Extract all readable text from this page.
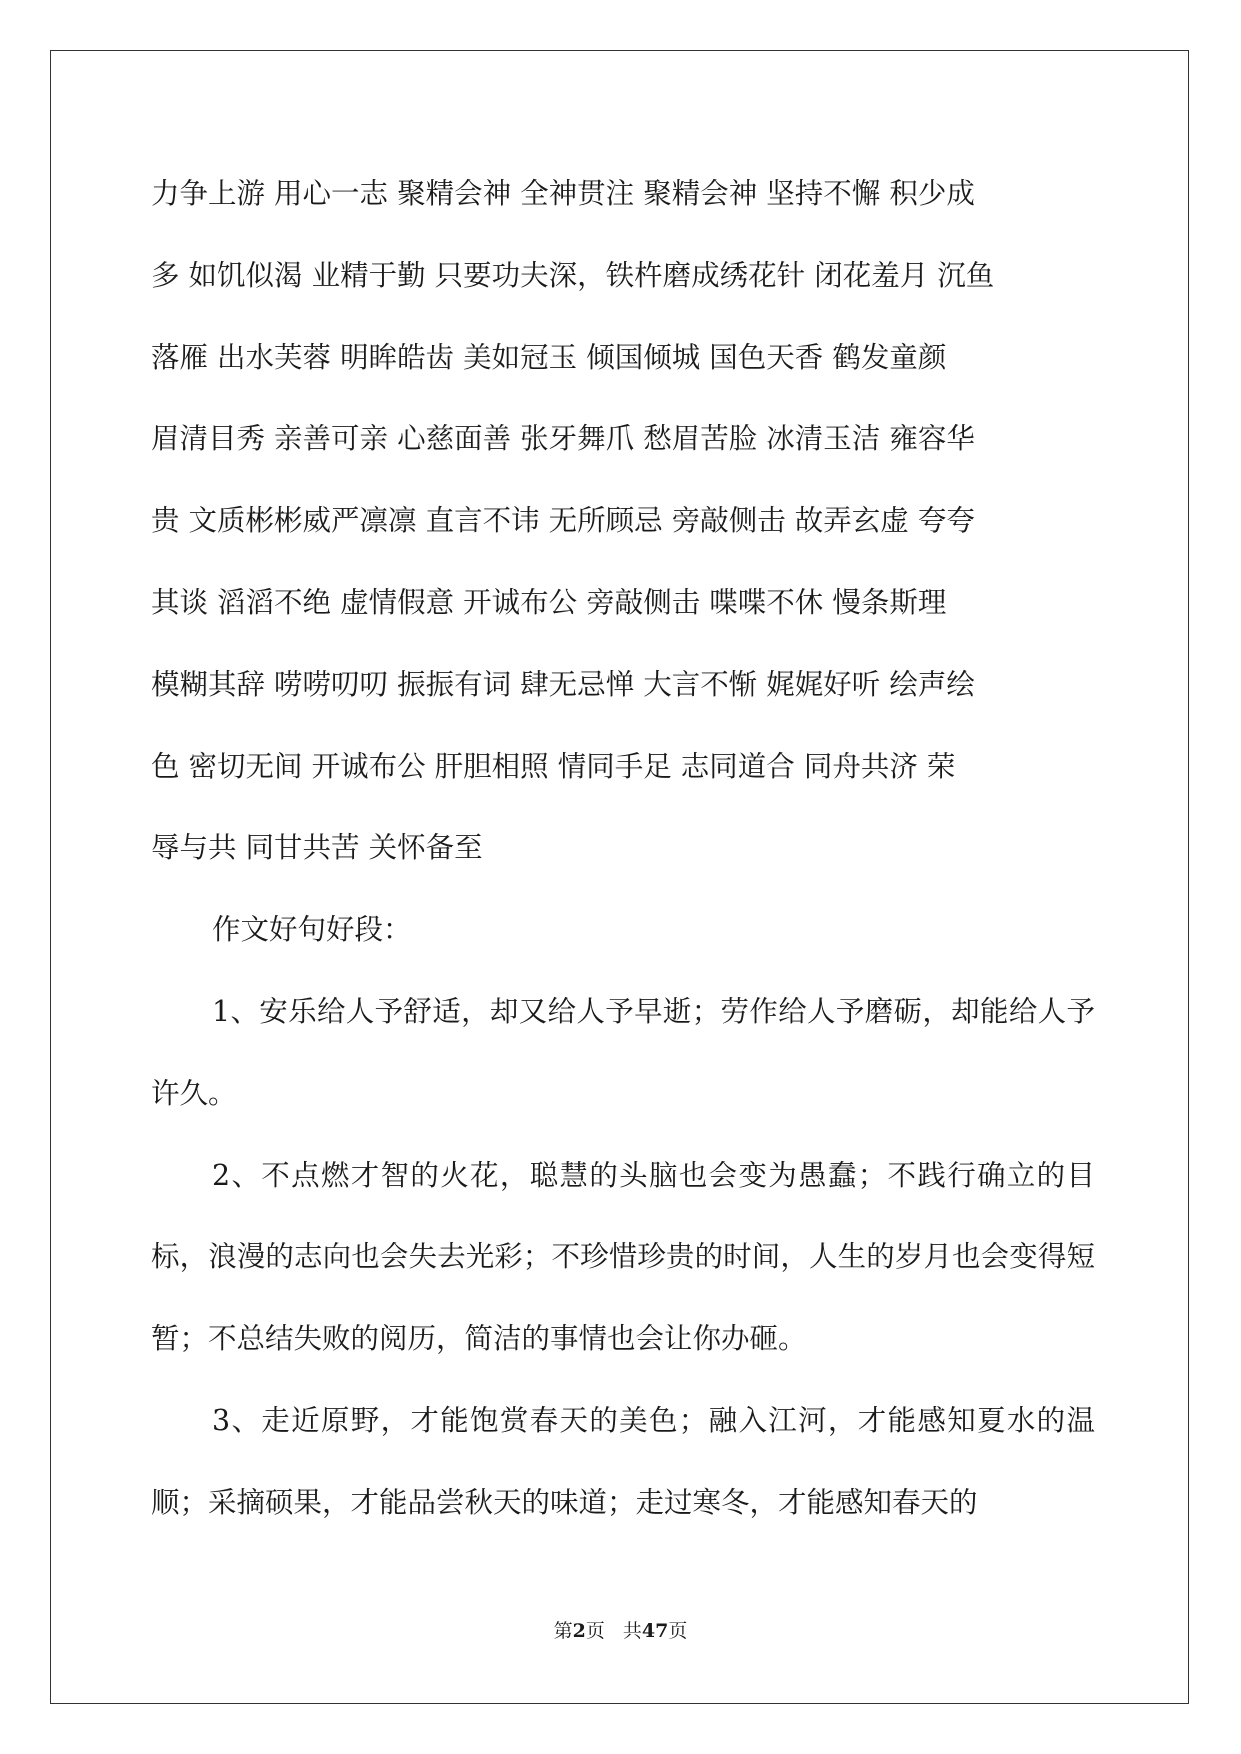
力争上游 用心一志 聚精会神 全神贯注 聚精会神 坚持不懈 积少成

多 如饥似渴 业精于勤 只要功夫深，铁杵磨成绣花针 闭花羞月 沉鱼

落雁 出水芙蓉 明眸皓齿 美如冠玉 倾国倾城 国色天香 鹤发童颜

眉清目秀 亲善可亲 心慈面善 张牙舞爪 愁眉苦脸 冰清玉洁 雍容华

贵 文质彬彬威严凛凛 直言不讳 无所顾忌 旁敲侧击 故弄玄虚 夸夸

其谈 滔滔不绝 虚情假意 开诚布公 旁敲侧击 喋喋不休 慢条斯理

模糊其辞 唠唠叨叨 振振有词 肆无忌惮 大言不惭 娓娓好听 绘声绘

色 密切无间 开诚布公 肝胆相照 情同手足 志同道合 同舟共济 荣

辱与共 同甘共苦 关怀备至

作文好句好段：

1、安乐给人予舒适，却又给人予早逝；劳作给人予磨砺，却能给人予许久。

2、不点燃才智的火花，聪慧的头脑也会变为愚蠢；不践行确立的目标，浪漫的志向也会失去光彩；不珍惜珍贵的时间，人生的岁月也会变得短暂；不总结失败的阅历，简洁的事情也会让你办砸。

3、走近原野，才能饱赏春天的美色；融入江河，才能感知夏水的温顺；采摘硕果，才能品尝秋天的味道；走过寒冬，才能感知春天的

第2页 共47页
